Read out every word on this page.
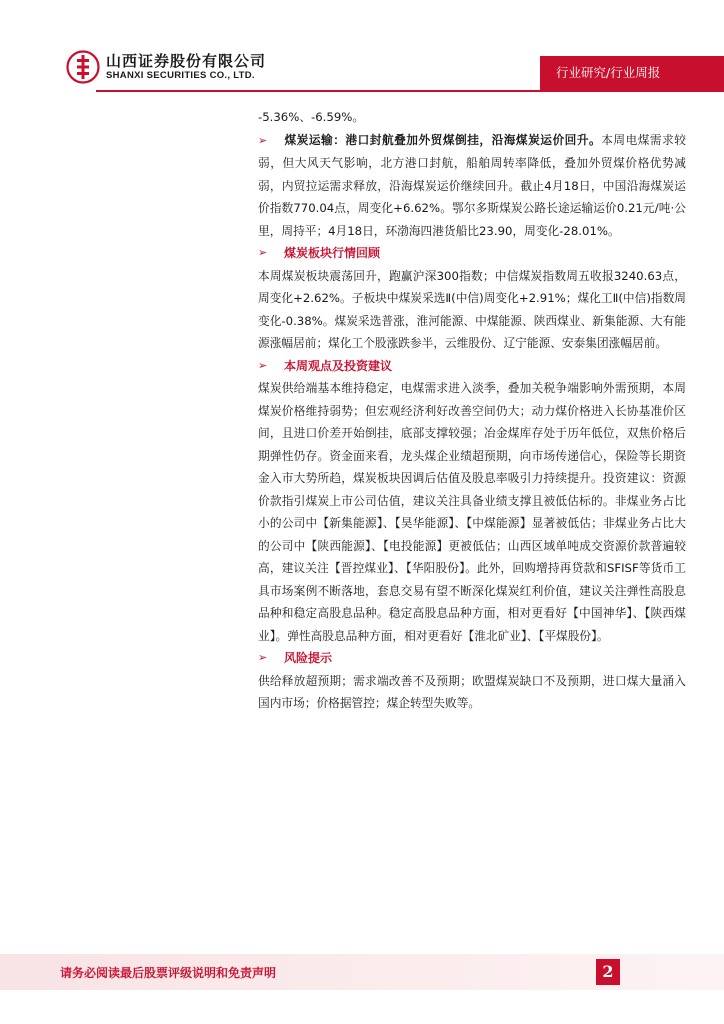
山西证券股份有限公司
SHANXI SECURITIES CO., LTD.	行业研究/行业周报

-5.36%、-6.59%。

➢ 煤炭运输：港口封航叠加外贸煤倒挂，沿海煤炭运价回升。本周电煤需求较弱，但大风天气影响，北方港口封航，船舶周转率降低，叠加外贸煤价格优势减弱，内贸拉运需求释放，沿海煤炭运价继续回升。截止4月18日，中国沿海煤炭运价指数770.04点，周变化+6.62%。鄂尔多斯煤炭公路长途运输运价0.21元/吨·公里，周持平；4月18日，环渤海四港货船比23.90，周变化-28.01%。

➢	煤炭板块行情回顾

本周煤炭板块震荡回升，跑赢沪深300指数；中信煤炭指数周五收报3240.63点，周变化+2.62%。子板块中煤炭采选Ⅱ(中信)周变化+2.91%；煤化工Ⅱ(中信)指数周变化-0.38%。煤炭采选普涨，淮河能源、中煤能源、陕西煤业、新集能源、大有能源涨幅居前；煤化工个股涨跌参半，云维股份、辽宁能源、安泰集团涨幅居前。

➢	本周观点及投资建议

煤炭供给端基本维持稳定，电煤需求进入淡季，叠加关税争端影响外需预期，本周煤炭价格维持弱势；但宏观经济利好改善空间仍大；动力煤价格进入长协基准价区间，且进口价差开始倒挂，底部支撑较强；冶金煤库存处于历年低位，双焦价格后期弹性仍存。资金面来看，龙头煤企业绩超预期，向市场传递信心，保险等长期资金入市大势所趋，煤炭板块因调后估值及股息率吸引力持续提升。投资建议：资源价款指引煤炭上市公司估值，建议关注具备业绩支撑且被低估标的。非煤业务占比小的公司中【新集能源】、【昊华能源】、【中煤能源】显著被低估；非煤业务占比大的公司中【陕西能源】、【电投能源】更被低估；山西区域单吨成交资源价款普遍较高，建议关注【晋控煤业】、【华阳股份】。此外，回购增持再贷款和SFISF等货币工具市场案例不断落地，套息交易有望不断深化煤炭红利价值，建议关注弹性高股息品种和稳定高股息品种。稳定高股息品种方面，相对更看好【中国神华】、【陕西煤业】。弹性高股息品种方面，相对更看好【淮北矿业】、【平煤股份】。

➢	风险提示

供给释放超预期；需求端改善不及预期；欧盟煤炭缺口不及预期，进口煤大量涌入国内市场；价格据管控；煤企转型失败等。

请务必阅读最后股票评级说明和免责声明	2
